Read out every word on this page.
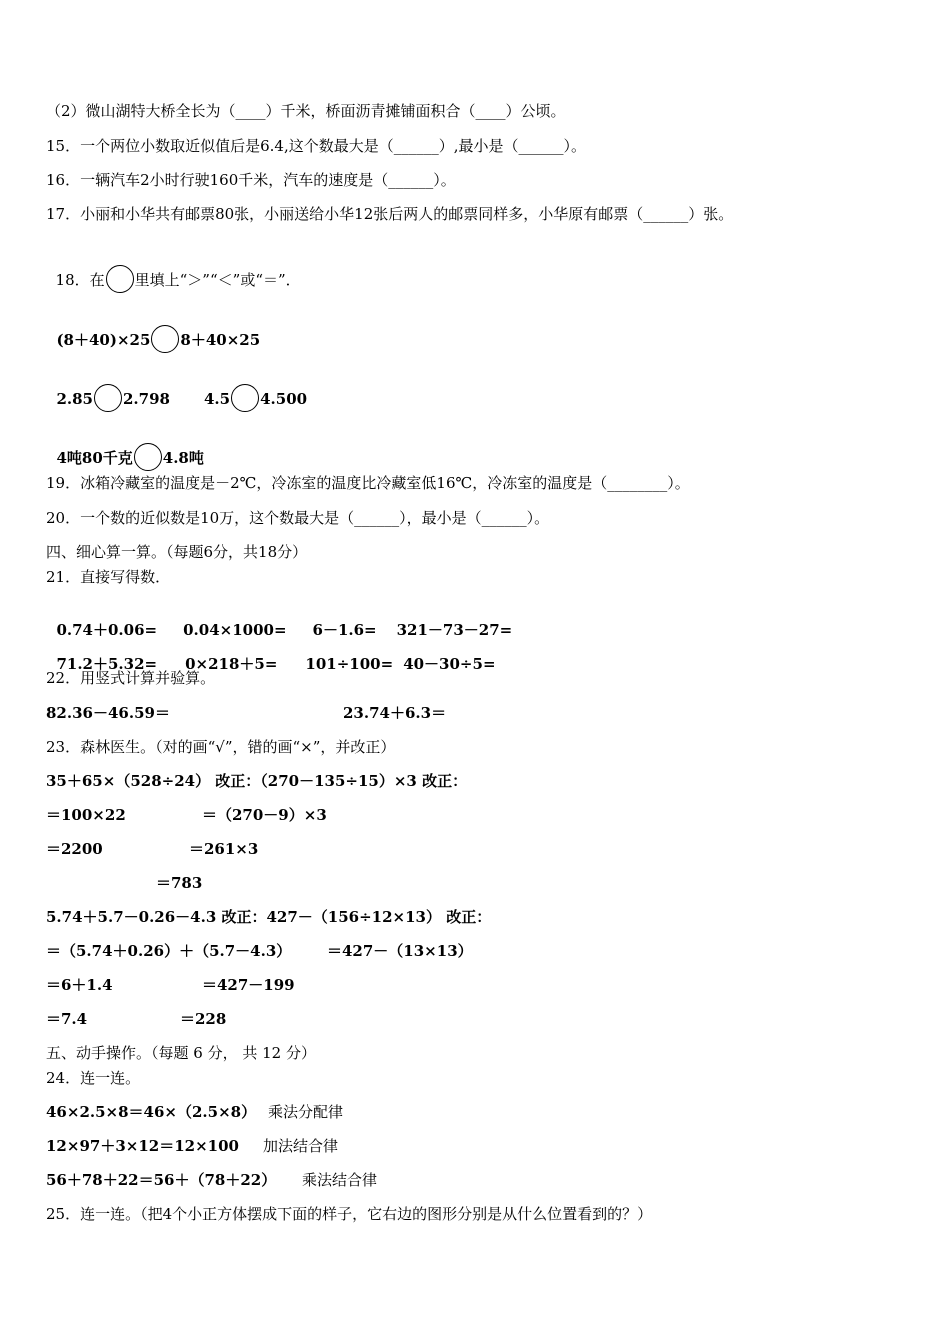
（2）微山湖特大桥全长为（____）千米，桥面沥青摊铺面积合（____）公顷。
15．一个两位小数取近似值后是6.4,这个数最大是（______）,最小是（______）。
16．一辆汽车2小时行驶160千米，汽车的速度是（______）。
17．小丽和小华共有邮票80张，小丽送给小华12张后两人的邮票同样多，小华原有邮票（______）张。

18．在 里填上“＞”“＜”或“＝”．

(8＋40)×25 8＋40×25

2.85 2.798 4.5 4.500

4吨80千克 4.8吨

19．冰箱冷藏室的温度是－2℃，冷冻室的温度比冷藏室低16℃，冷冻室的温度是（________）。
20．一个数的近似数是10万，这个数最大是（______），最小是（______）。
四、细心算一算。（每题6分，共18分）
21．直接写得数．

0.74＋0.06= 0.04×1000= 6－1.6= 321－73－27=

71.2＋5.32= 0×218＋5= 101÷100= 40－30÷5=

22．用竖式计算并验算。
82.36－46.59＝	23.74＋6.3＝
23．森林医生。（对的画“√”，错的画“×”，并改正）
35＋65×（528÷24） 改正：（270－135÷15）×3 改正：
＝100×22	＝（270－9）×3
＝2200	＝261×3
＝783
5.74＋5.7－0.26－4.3 改正：427－（156÷12×13） 改正：
＝（5.74＋0.26）＋（5.7－4.3） ＝427－（13×13）
＝6＋1.4	＝427－199
＝7.4	＝228
五、动手操作。（每题 6 分， 共 12 分）
24．连一连。
46×2.5×8＝46×（2.5×8） 乘法分配律
12×97＋3×12＝12×100 加法结合律
56＋78＋22＝56＋（78＋22） 乘法结合律
25．连一连。（把4个小正方体摆成下面的样子，它右边的图形分别是从什么位置看到的？）
